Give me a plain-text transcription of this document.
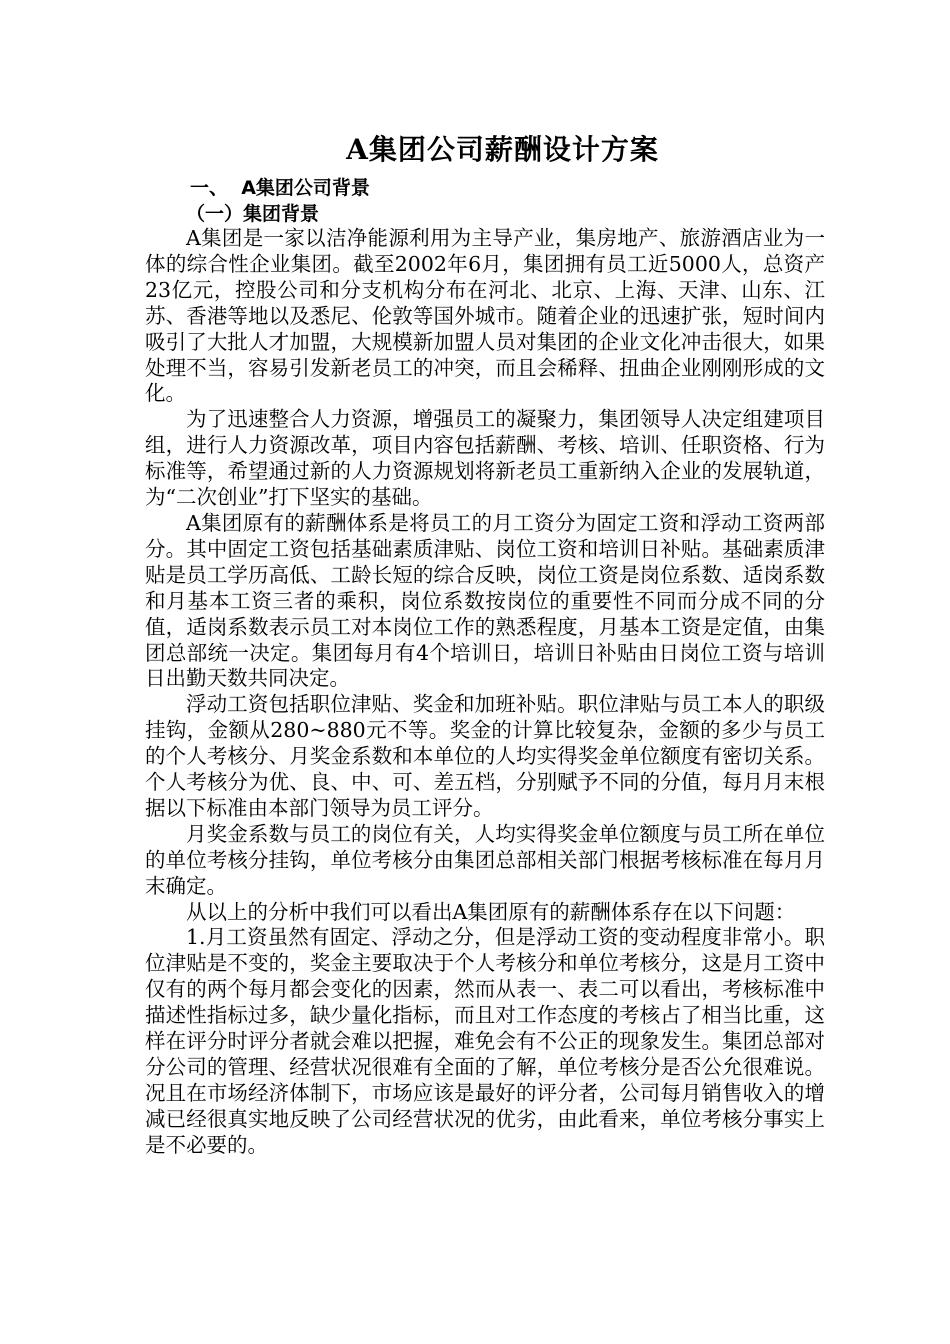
A集团公司薪酬设计方案
一、  A集团公司背景
（一）集团背景

A集团是一家以洁净能源利用为主导产业，集房地产、旅游酒店业为一体的综合性企业集团。截至2002年6月，集团拥有员工近5000人，总资产23亿元，控股公司和分支机构分布在河北、北京、上海、天津、山东、江苏、香港等地以及悉尼、伦敦等国外城市。随着企业的迅速扩张，短时间内吸引了大批人才加盟，大规模新加盟人员对集团的企业文化冲击很大，如果处理不当，容易引发新老员工的冲突，而且会稀释、扭曲企业刚刚形成的文化。

为了迅速整合人力资源，增强员工的凝聚力，集团领导人决定组建项目组，进行人力资源改革，项目内容包括薪酬、考核、培训、任职资格、行为标准等，希望通过新的人力资源规划将新老员工重新纳入企业的发展轨道，为“二次创业”打下坚实的基础。

A集团原有的薪酬体系是将员工的月工资分为固定工资和浮动工资两部分。其中固定工资包括基础素质津贴、岗位工资和培训日补贴。基础素质津贴是员工学历高低、工龄长短的综合反映，岗位工资是岗位系数、适岗系数和月基本工资三者的乘积，岗位系数按岗位的重要性不同而分成不同的分值，适岗系数表示员工对本岗位工作的熟悉程度，月基本工资是定值，由集团总部统一决定。集团每月有4个培训日，培训日补贴由日岗位工资与培训日出勤天数共同决定。

浮动工资包括职位津贴、奖金和加班补贴。职位津贴与员工本人的职级挂钩，金额从280~880元不等。奖金的计算比较复杂，金额的多少与员工的个人考核分、月奖金系数和本单位的人均实得奖金单位额度有密切关系。个人考核分为优、良、中、可、差五档，分别赋予不同的分值，每月月末根据以下标准由本部门领导为员工评分。

月奖金系数与员工的岗位有关，人均实得奖金单位额度与员工所在单位的单位考核分挂钩，单位考核分由集团总部相关部门根据考核标准在每月月末确定。

从以上的分析中我们可以看出A集团原有的薪酬体系存在以下问题：

1.月工资虽然有固定、浮动之分，但是浮动工资的变动程度非常小。职位津贴是不变的，奖金主要取决于个人考核分和单位考核分，这是月工资中仅有的两个每月都会变化的因素，然而从表一、表二可以看出，考核标准中描述性指标过多，缺少量化指标，而且对工作态度的考核占了相当比重，这样在评分时评分者就会难以把握，难免会有不公正的现象发生。集团总部对分公司的管理、经营状况很难有全面的了解，单位考核分是否公允很难说。况且在市场经济体制下，市场应该是最好的评分者，公司每月销售收入的增减已经很真实地反映了公司经营状况的优劣，由此看来，单位考核分事实上是不必要的。
